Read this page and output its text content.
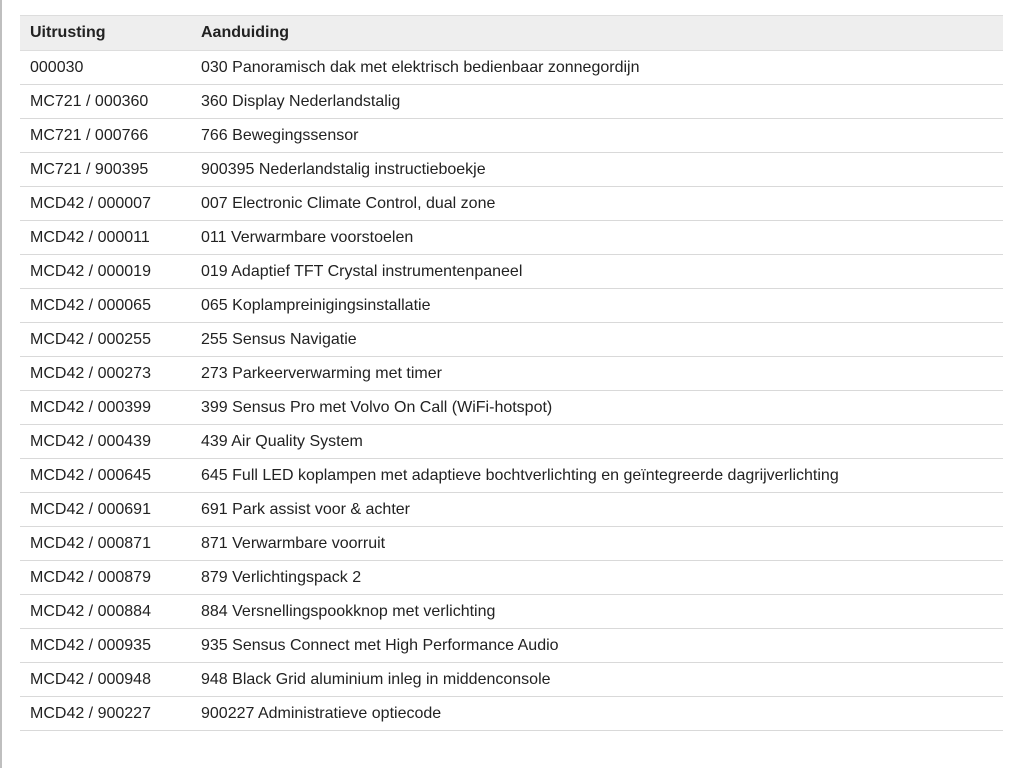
Uitrusting	Aanduiding
000030	030 Panoramisch dak met elektrisch bedienbaar zonnegordijn
MC721 / 000360	360 Display Nederlandstalig
MC721 / 000766	766 Bewegingssensor
MC721 / 900395	900395 Nederlandstalig instructieboekje
MCD42 / 000007	007 Electronic Climate Control, dual zone
MCD42 / 000011	011 Verwarmbare voorstoelen
MCD42 / 000019	019 Adaptief TFT Crystal instrumentenpaneel
MCD42 / 000065	065 Koplampreinigingsinstallatie
MCD42 / 000255	255 Sensus Navigatie
MCD42 / 000273	273 Parkeerverwarming met timer
MCD42 / 000399	399 Sensus Pro met Volvo On Call (WiFi-hotspot)
MCD42 / 000439	439 Air Quality System
MCD42 / 000645	645 Full LED koplampen met adaptieve bochtverlichting en geïntegreerde dagrijverlichting
MCD42 / 000691	691 Park assist voor & achter
MCD42 / 000871	871 Verwarmbare voorruit
MCD42 / 000879	879 Verlichtingspack 2
MCD42 / 000884	884 Versnellingspookknop met verlichting
MCD42 / 000935	935 Sensus Connect met High Performance Audio
MCD42 / 000948	948 Black Grid aluminium inleg in middenconsole
MCD42 / 900227	900227 Administratieve optiecode
